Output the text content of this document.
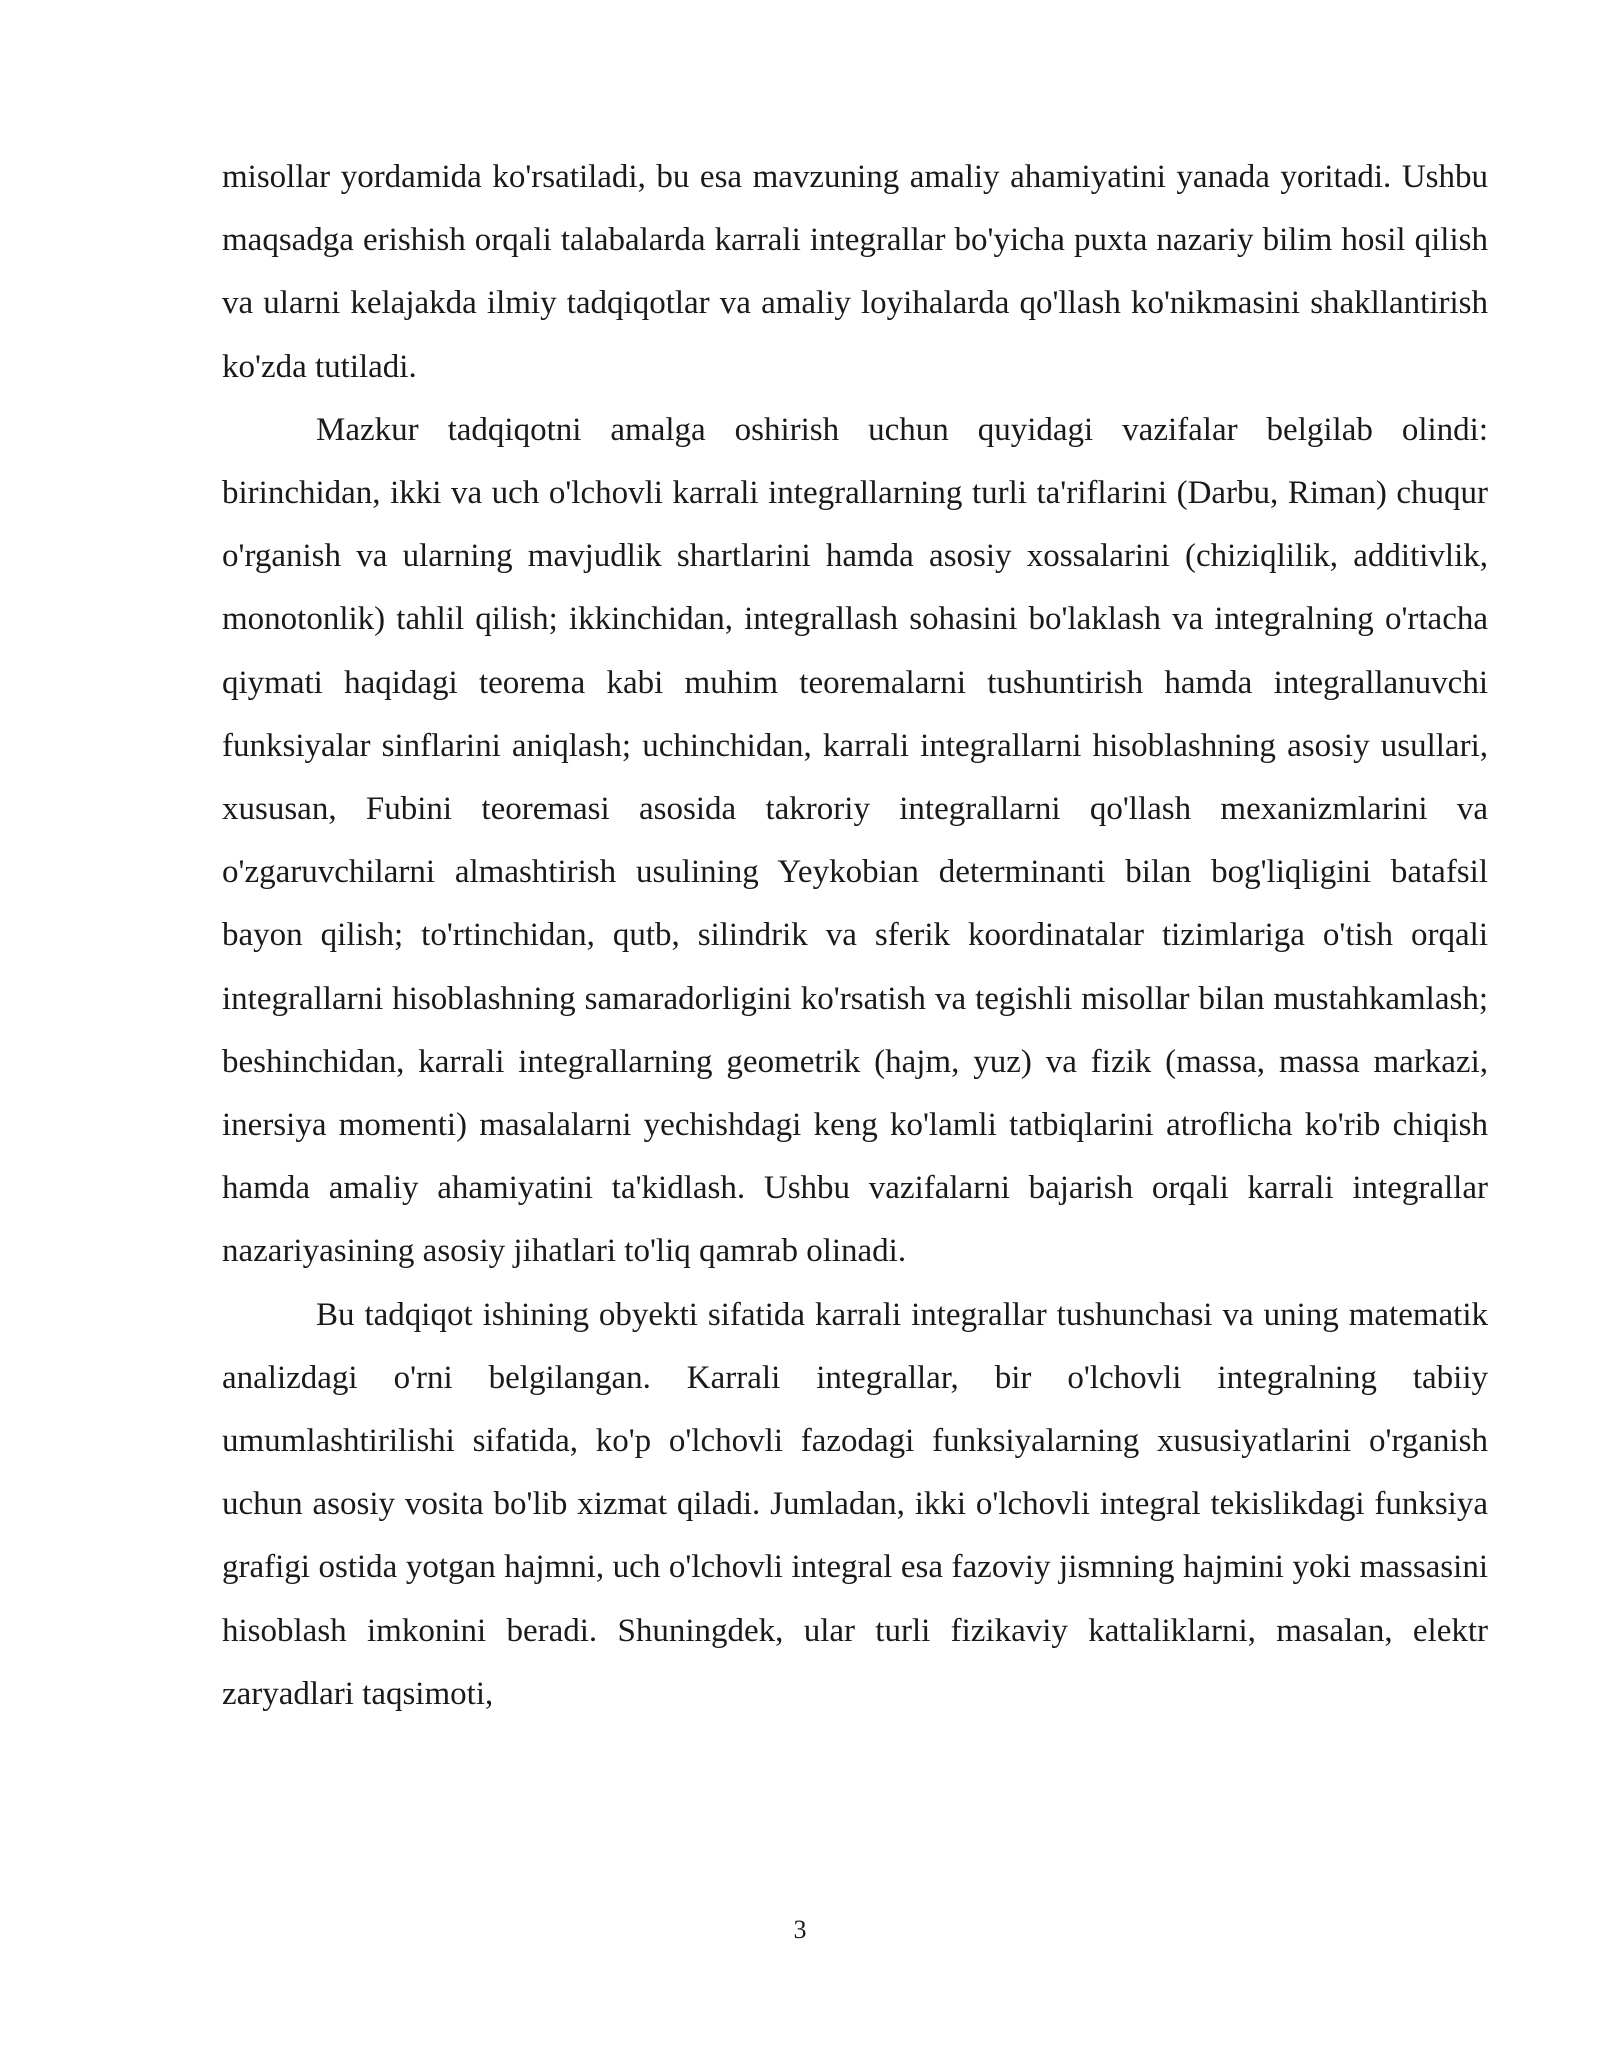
misollar yordamida ko'rsatiladi, bu esa mavzuning amaliy ahamiyatini yanada yoritadi. Ushbu maqsadga erishish orqali talabalarda karrali integrallar bo'yicha puxta nazariy bilim hosil qilish va ularni kelajakda ilmiy tadqiqotlar va amaliy loyihalarda qo'llash ko'nikmasini shakllantirish ko'zda tutiladi.

Mazkur tadqiqotni amalga oshirish uchun quyidagi vazifalar belgilab olindi: birinchidan, ikki va uch o'lchovli karrali integrallarning turli ta'riflarini (Darbu, Riman) chuqur o'rganish va ularning mavjudlik shartlarini hamda asosiy xossalarini (chiziqlilik, additivlik, monotonlik) tahlil qilish; ikkinchidan, integrallash sohasini bo'laklash va integralning o'rtacha qiymati haqidagi teorema kabi muhim teoremalarni tushuntirish hamda integrallanuvchi funksiyalar sinflarini aniqlash; uchinchidan, karrali integrallarni hisoblashning asosiy usullari, xususan, Fubini teoremasi asosida takroriy integrallarni qo'llash mexanizmlarini va o'zgaruvchilarni almashtirish usulining Yeykobian determinanti bilan bog'liqligini batafsil bayon qilish; to'rtinchidan, qutb, silindrik va sferik koordinatalar tizimlariga o'tish orqali integrallarni hisoblashning samaradorligini ko'rsatish va tegishli misollar bilan mustahkamlash; beshinchidan, karrali integrallarning geometrik (hajm, yuz) va fizik (massa, massa markazi, inersiya momenti) masalalarni yechishdagi keng ko'lamli tatbiqlarini atroflicha ko'rib chiqish hamda amaliy ahamiyatini ta'kidlash. Ushbu vazifalarni bajarish orqali karrali integrallar nazariyasining asosiy jihatlari to'liq qamrab olinadi.

Bu tadqiqot ishining obyekti sifatida karrali integrallar tushunchasi va uning matematik analizdagi o'rni belgilangan. Karrali integrallar, bir o'lchovli integralning tabiiy umumlashtirilishi sifatida, ko'p o'lchovli fazodagi funksiyalarning xususiyatlarini o'rganish uchun asosiy vosita bo'lib xizmat qiladi. Jumladan, ikki o'lchovli integral tekislikdagi funksiya grafigi ostida yotgan hajmni, uch o'lchovli integral esa fazoviy jismning hajmini yoki massasini hisoblash imkonini beradi. Shuningdek, ular turli fizikaviy kattaliklarni, masalan, elektr zaryadlari taqsimoti,

3
